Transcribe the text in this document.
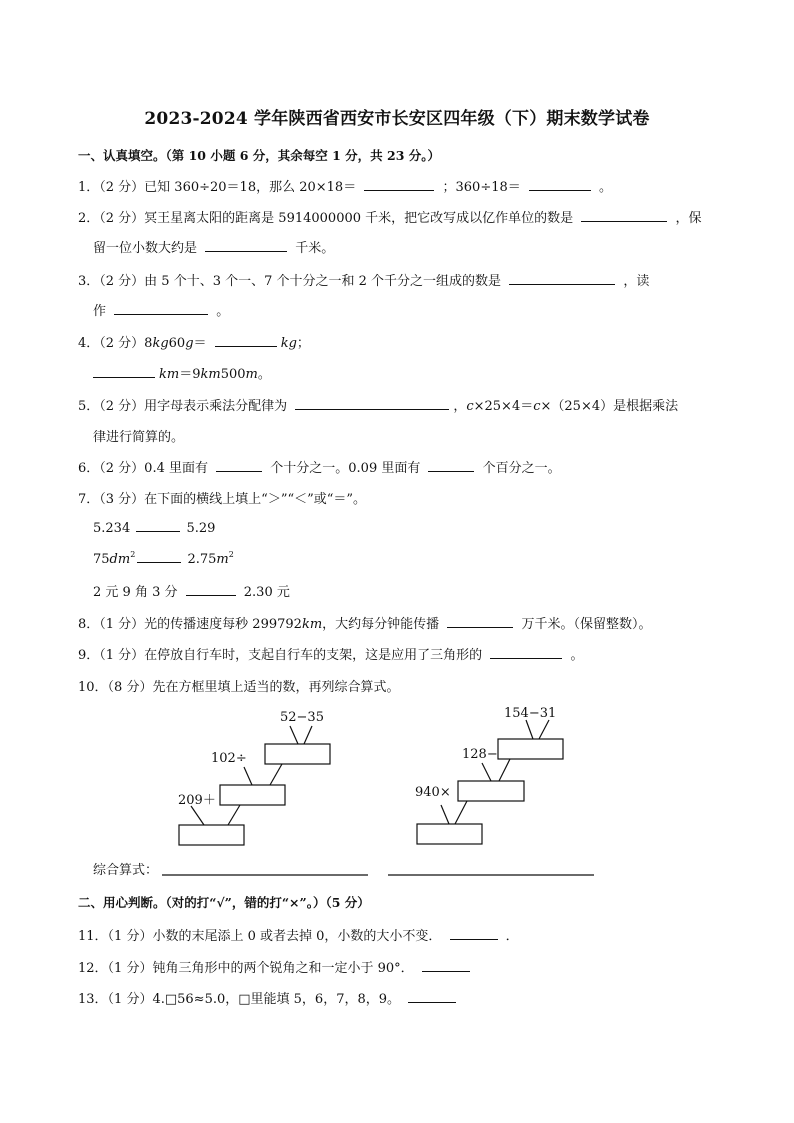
2023-2024 学年陕西省西安市长安区四年级（下）期末数学试卷
一、认真填空。（第 10 小题 6 分，其余每空 1 分，共 23 分。）
1．（2 分）已知 360÷20＝18，那么 20×18＝	；360÷18＝	。
2．（2 分）冥王星离太阳的距离是 5914000000 千米，把它改写成以亿作单位的数是	，保
留一位小数大约是	千米。
3．（2 分）由 5 个十、3 个一、7 个十分之一和 2 个千分之一组成的数是	，读
作	。
4．（2 分）8kg60g＝	kg；
km＝9km500m。
5．（2 分）用字母表示乘法分配律为	，c×25×4＝c×（25×4）是根据乘法
律进行简算的。
6．（2 分）0.4 里面有	个十分之一。0.09 里面有	个百分之一。
7．（3 分）在下面的横线上填上“＞”“＜”或“＝”。
5.234	5.29
$75dm^2$	$2.75m^2$
2 元 9 角 3 分	2.30 元
8．（1 分）光的传播速度每秒 299792km，大约每分钟能传播	万千米。（保留整数）。
9．（1 分）在停放自行车时，支起自行车的支架，这是应用了三角形的	。
10．（8 分）先在方框里填上适当的数，再列综合算式。
52−35
102÷
209＋
154−31
128−
940×
综合算式：
二、用心判断。（对的打“√”，错的打“×”。）（5 分）
11．（1 分）小数的末尾添上 0 或者去掉 0，小数的大小不变．	．
12．（1 分）钝角三角形中的两个锐角之和一定小于 90°．
13．（1 分）4.□56≈5.0，□里能填 5，6，7，8，9。
